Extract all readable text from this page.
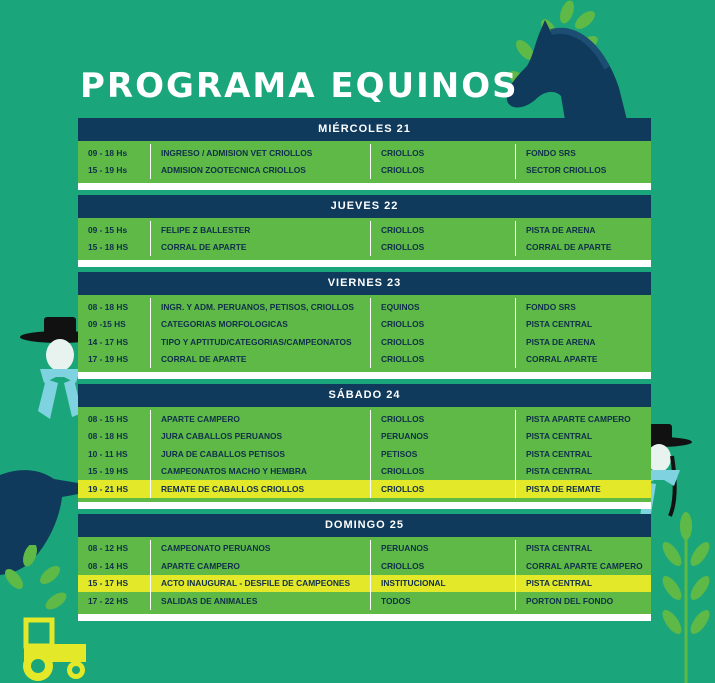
PROGRAMA EQUINOS
MIÉRCOLES 21
09 - 18 Hs	INGRESO / ADMISION VET CRIOLLOS	CRIOLLOS	FONDO SRS
15 - 19 Hs	ADMISION ZOOTECNICA CRIOLLOS	CRIOLLOS	SECTOR CRIOLLOS
JUEVES 22
09 - 15 Hs	FELIPE Z BALLESTER	CRIOLLOS	PISTA DE ARENA
15 - 18 HS	CORRAL DE APARTE	CRIOLLOS	CORRAL DE APARTE
VIERNES 23
08 - 18 HS	INGR. Y ADM. PERUANOS, PETISOS, CRIOLLOS	EQUINOS	FONDO SRS
09 -15 HS	CATEGORIAS MORFOLOGICAS	CRIOLLOS	PISTA CENTRAL
14 - 17 HS	TIPO Y APTITUD/CATEGORIAS/CAMPEONATOS	CRIOLLOS	PISTA DE ARENA
17 - 19 HS	CORRAL DE APARTE	CRIOLLOS	CORRAL APARTE
SÁBADO 24
08 - 15 HS	APARTE CAMPERO	CRIOLLOS	PISTA APARTE CAMPERO
08 - 18 HS	JURA CABALLOS PERUANOS	PERUANOS	PISTA CENTRAL
10 - 11 HS	JURA DE CABALLOS PETISOS	PETISOS	PISTA CENTRAL
15 - 19 HS	CAMPEONATOS MACHO Y HEMBRA	CRIOLLOS	PISTA CENTRAL
19 - 21 HS	REMATE DE CABALLOS CRIOLLOS	CRIOLLOS	PISTA DE REMATE
DOMINGO 25
08 - 12 HS	CAMPEONATO PERUANOS	PERUANOS	PISTA CENTRAL
08 - 14 HS	APARTE CAMPERO	CRIOLLOS	CORRAL APARTE CAMPERO
15 - 17 HS	ACTO INAUGURAL - DESFILE DE CAMPEONES	INSTITUCIONAL	PISTA CENTRAL
17 - 22 HS	SALIDAS DE ANIMALES	TODOS	PORTON DEL FONDO
